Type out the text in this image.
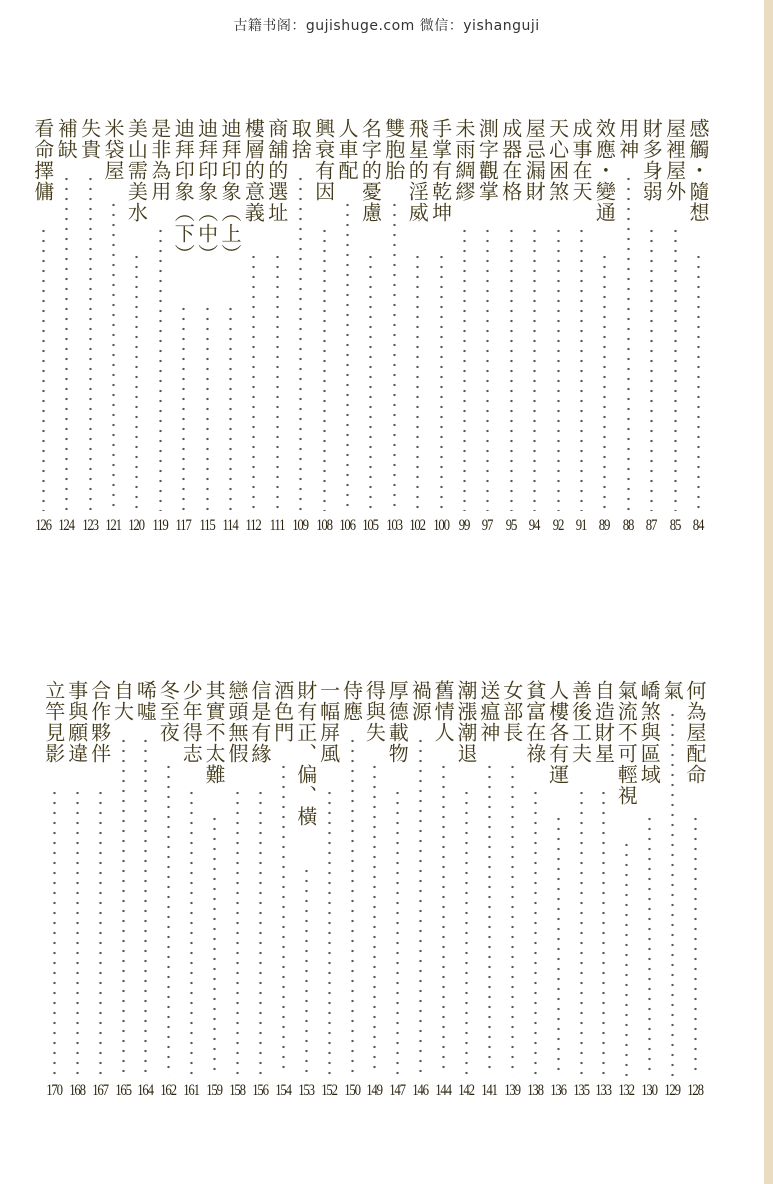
古籍书阁：gujishuge.com 微信：yishanguji
感觸・隨想
84
屋裡屋外
85
財多身弱
87
用神
88
效應・變通
89
成事在天
91
天心困煞
92
屋忌漏財
94
成器在格
95
測字觀掌
97
未雨綢繆
99
手掌有乾坤
100
飛星的淫威
102
雙胞胎
103
名字的憂慮
105
人車配
106
興衰有因
108
取捨
109
商舖的選址
111
樓層的意義
112
迪拜印象（上）
114
迪拜印象（中）
115
迪拜印象（下）
117
是非為用
119
美山需美水
120
米袋屋
121
失貴
123
補缺
124
看命擇傭
126
何為屋配命
128
氣
129
嶠煞與區域
130
氣流不可輕視
132
自造財星
133
善後工夫
135
人樓各有運
136
貧富在祿
138
女部長
139
送瘟神
141
潮漲潮退
142
舊情人
144
禍源
146
厚德載物
147
得與失
149
侍應
150
一幅屏風
152
財有正、偏、橫
153
酒色門
154
信是有緣
156
戀頭無假
158
其實不太難
159
少年得志
161
冬至夜
162
唏噓
164
自大
165
合作夥伴
167
事與願違
168
立竿見影
170
